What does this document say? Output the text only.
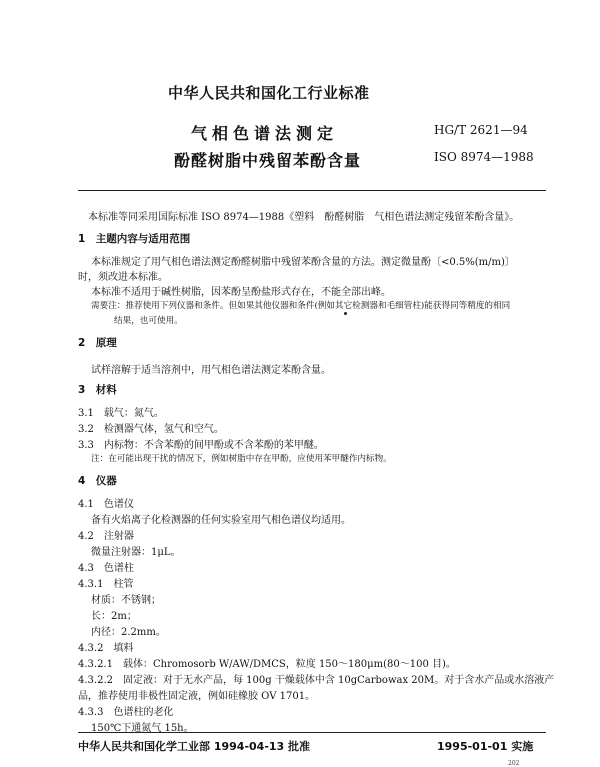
中华人民共和国化工行业标准
气相色谱法测定
酚醛树脂中残留苯酚含量
HG/T 2621—94
ISO 8974—1988
本标准等同采用国际标准 ISO 8974—1988《塑料　酚醛树脂　气相色谱法测定残留苯酚含量》。
1　主题内容与适用范围
本标准规定了用气相色谱法测定酚醛树脂中残留苯酚含量的方法。测定微量酚〔<0.5%(m/m)〕
时，须改进本标准。
本标准不适用于碱性树脂，因苯酚呈酚盐形式存在，不能全部出峰。
需要注：推荐使用下列仪器和条件。但如果其他仪器和条件(例如其它检测器和毛细管柱)能获得同等精度的相同
结果，也可使用。
2　原理
试样溶解于适当溶剂中，用气相色谱法测定苯酚含量。
3　材料
3.1　载气：氮气。
3.2　检测器气体，氢气和空气。
3.3　内标物：不含苯酚的间甲酚或不含苯酚的苯甲醚。
注：在可能出现干扰的情况下，例如树脂中存在甲酚，应使用苯甲醚作内标物。
4　仪器
4.1　色谱仪
备有火焰离子化检测器的任何实验室用气相色谱仪均适用。
4.2　注射器
微量注射器：1μL。
4.3　色谱柱
4.3.1　柱管
材质：不锈钢；
长：2m；
内径：2.2mm。
4.3.2　填料
4.3.2.1　载体：Chromosorb W/AW/DMCS，粒度 150～180μm(80～100 目)。
4.3.2.2　固定液：对于无水产品，每 100g 干燥载体中含 10gCarbowax 20M。对于含水产品或水溶液产
品，推荐使用非极性固定液，例如硅橡胶 OV 1701。
4.3.3　色谱柱的老化
150℃下通氮气 15h。
中华人民共和国化学工业部 1994-04-13 批准	1995-01-01 实施
202
